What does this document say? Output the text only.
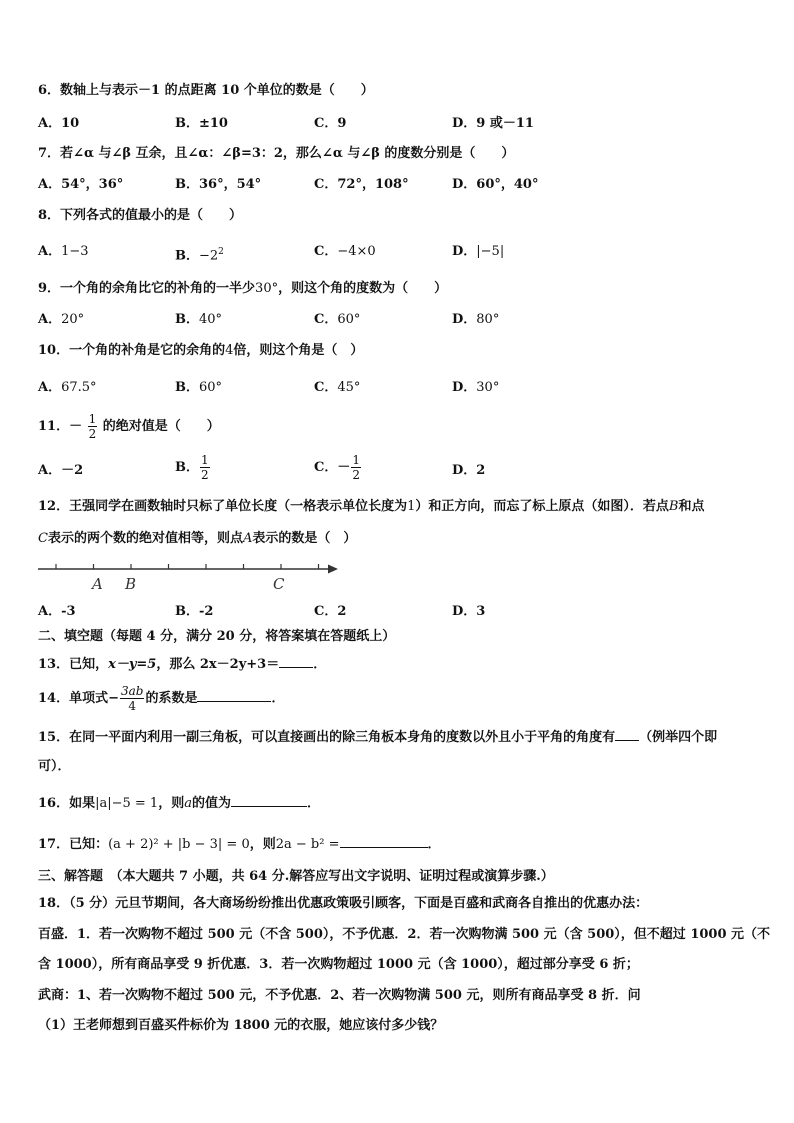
6．数轴上与表示－1 的点距离 10 个单位的数是（　　）
A．10	B．±10	C．9	D．9 或－11
7．若∠α 与∠β 互余，且∠α：∠β=3：2，那么∠α 与∠β 的度数分别是（　　）
A．54°，36°	B．36°，54°	C．72°，108°	D．60°，40°
8．下列各式的值最小的是（　　）
A．1−3	B．$-2^2$	C．−4×0	D．|−5|
9．一个角的余角比它的补角的一半少30°，则这个角的度数为（　　）
A．20°	B．40°	C．60°	D．80°
10．一个角的补角是它的余角的4倍，则这个角是（　）
A．67.5°	B．60°	C．45°	D．30°
11．－ $\frac{1}{2}$ 的绝对值是（　　）
A．－2	B． $\frac{1}{2}$	C．－ $\frac{1}{2}$	D．2
12．王强同学在画数轴时只标了单位长度（一格表示单位长度为1）和正方向，而忘了标上原点（如图）．若点B和点
C表示的两个数的绝对值相等，则点A表示的数是（　）
A B	C
A．-3	B．-2	C．2	D．3
二、填空题（每题 4 分，满分 20 分，将答案填在答题纸上）
13．已知，x－y=5，那么 2x－2y+3＝	．
14．单项式− $\frac{3ab}{4}$ 的系数是	．
15．在同一平面内利用一副三角板，可以直接画出的除三角板本身角的度数以外且小于平角的角度有 （例举四个即
可）．
16．如果|a|−5 = 1，则a的值为	．
17．已知：(a + 2)² + |b − 3| = 0，则2a − b² =	．
三、解答题　（本大题共 7 小题，共 64 分.解答应写出文字说明、证明过程或演算步骤.）
18．（5 分）元旦节期间，各大商场纷纷推出优惠政策吸引顾客，下面是百盛和武商各自推出的优惠办法：
百盛．1．若一次购物不超过 500 元（不含 500），不予优惠．2．若一次购物满 500 元（含 500），但不超过 1000 元（不
含 1000），所有商品享受 9 折优惠．3．若一次购物超过 1000 元（含 1000），超过部分享受 6 折；
武商：1、若一次购物不超过 500 元，不予优惠．2、若一次购物满 500 元，则所有商品享受 8 折．问
（1）王老师想到百盛买件标价为 1800 元的衣服，她应该付多少钱？
